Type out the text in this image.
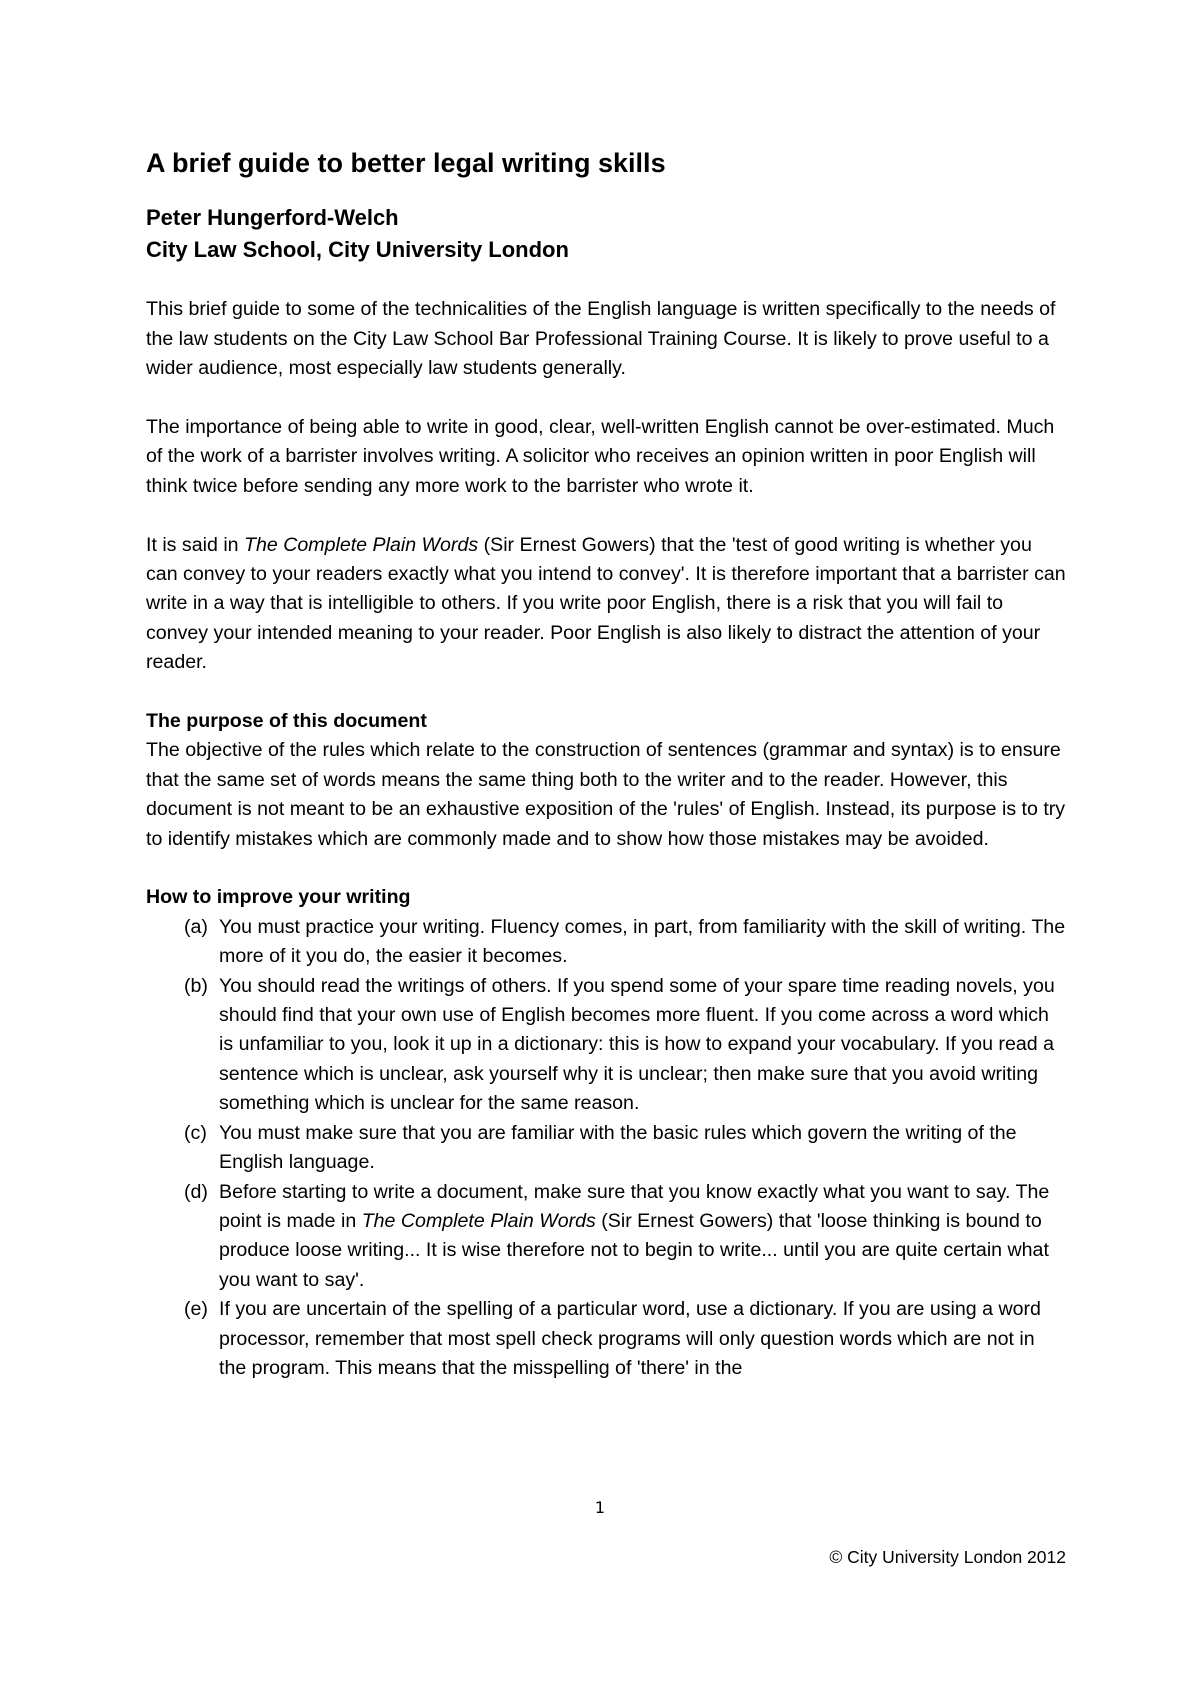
A brief guide to better legal writing skills
Peter Hungerford-Welch
City Law School, City University London

This brief guide to some of the technicalities of the English language is written specifically to the needs of the law students on the City Law School Bar Professional Training Course. It is likely to prove useful to a wider audience, most especially law students generally.

The importance of being able to write in good, clear, well-written English cannot be over-estimated. Much of the work of a barrister involves writing. A solicitor who receives an opinion written in poor English will think twice before sending any more work to the barrister who wrote it.

It is said in The Complete Plain Words (Sir Ernest Gowers) that the 'test of good writing is whether you can convey to your readers exactly what you intend to convey'. It is therefore important that a barrister can write in a way that is intelligible to others. If you write poor English, there is a risk that you will fail to convey your intended meaning to your reader. Poor English is also likely to distract the attention of your reader.

The purpose of this document

The objective of the rules which relate to the construction of sentences (grammar and syntax) is to ensure that the same set of words means the same thing both to the writer and to the reader. However, this document is not meant to be an exhaustive exposition of the 'rules' of English. Instead, its purpose is to try to identify mistakes which are commonly made and to show how those mistakes may be avoided.

How to improve your writing
(a) You must practice your writing. Fluency comes, in part, from familiarity with the skill of writing. The more of it you do, the easier it becomes.
(b) You should read the writings of others. If you spend some of your spare time reading novels, you should find that your own use of English becomes more fluent. If you come across a word which is unfamiliar to you, look it up in a dictionary: this is how to expand your vocabulary. If you read a sentence which is unclear, ask yourself why it is unclear; then make sure that you avoid writing something which is unclear for the same reason.
(c) You must make sure that you are familiar with the basic rules which govern the writing of the English language.
(d) Before starting to write a document, make sure that you know exactly what you want to say. The point is made in The Complete Plain Words (Sir Ernest Gowers) that 'loose thinking is bound to produce loose writing... It is wise therefore not to begin to write... until you are quite certain what you want to say'.
(e) If you are uncertain of the spelling of a particular word, use a dictionary. If you are using a word processor, remember that most spell check programs will only question words which are not in the program. This means that the misspelling of 'there' in the
1
© City University London 2012
